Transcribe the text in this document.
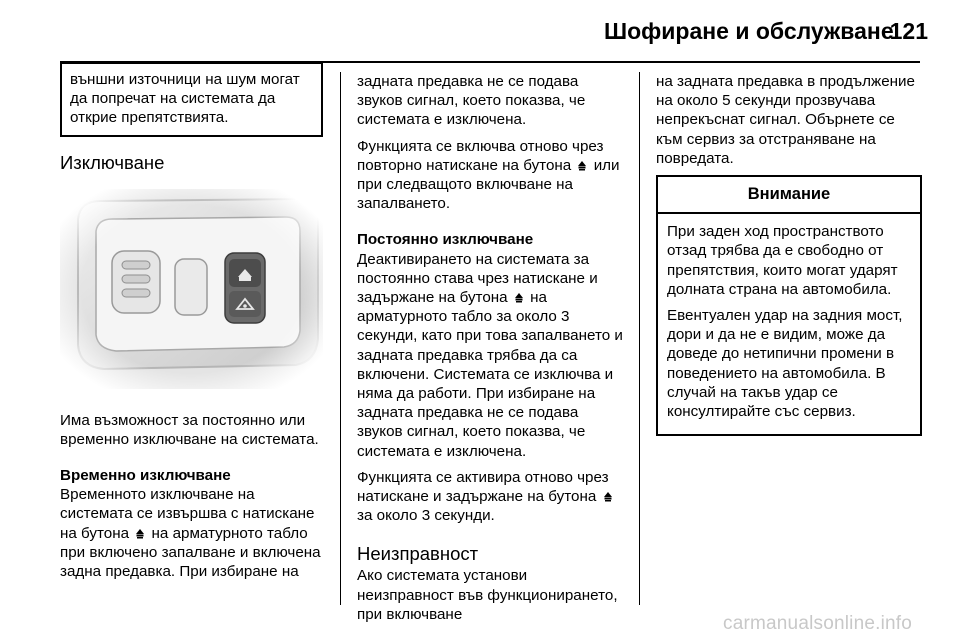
Шофиране и обслужване
121
външни източници на шум могат да попречат на системата да открие препятствията.
Изключване

Има възможност за постоянно или временно изключване на системата.

Временно изключване

Временното изключване на системата се извършва с натискане на бутона на арматурното табло при включено запалване и включена задна предавка. При избиране на

задната предавка не се подава звуков сигнал, което показва, че системата е изключена.

Функцията се включва отново чрез повторно натискане на бутона или при следващото включване на запалването.

Постоянно изключване

Деактивирането на системата за постоянно става чрез натискане и задържане на бутона на арматурното табло за около 3 секунди, като при това запалването и задната предавка трябва да са включени. Системата се изключва и няма да работи. При избиране на задната предавка не се подава звуков сигнал, което показва, че системата е изключена.

Функцията се активира отново чрез натискане и задържане на бутона  за около 3 секунди.

Неизправност

Ако системата установи неизправност във функционирането, при включване

на задната предавка в продължение на около 5 секунди прозвучава непрекъснат сигнал. Обърнете се към сервиз за отстраняване на повредата.

Внимание

При заден ход пространството отзад трябва да е свободно от препятствия, които могат ударят долната страна на автомобила.

Евентуален удар на задния мост, дори и да не е видим, може да доведе до нетипични промени в поведението на автомобила. В случай на такъв удар се консултирайте със сервиз.

carmanualsonline.info
